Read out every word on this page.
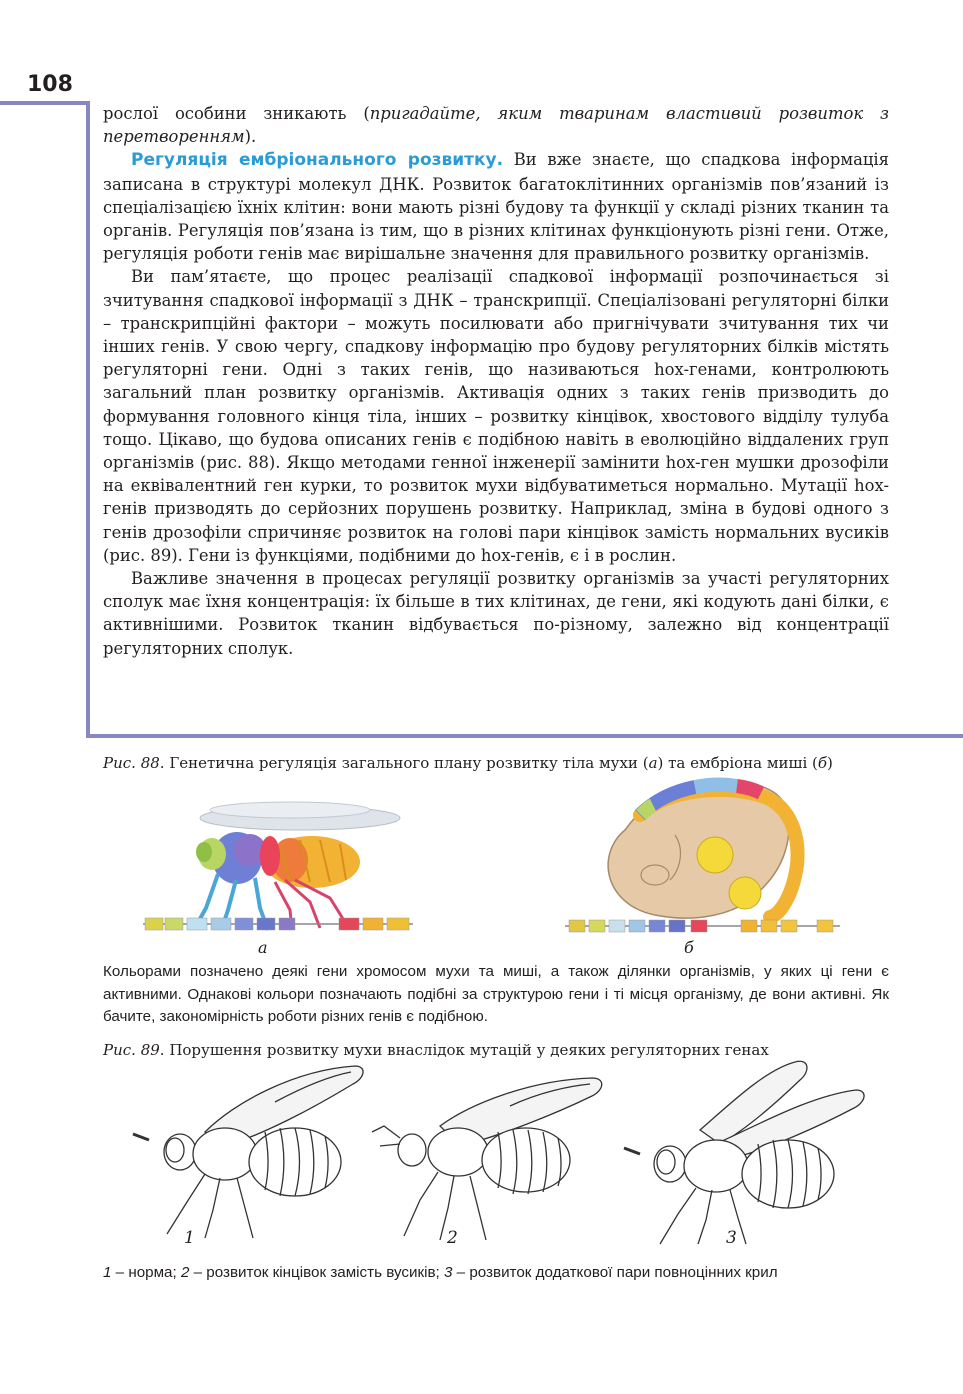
108

рослої особини зникають (пригадайте, яким тваринам властивий розвиток з перетворенням).

Регуляція ембріонального розвитку. Ви вже знаєте, що спадкова інформація записана в структурі молекул ДНК. Розвиток багатоклітинних організмів пов’язаний із спеціалізацією їхніх клітин: вони мають різні будову та функції у складі різних тканин та органів. Регуляція пов’язана із тим, що в різних клітинах функціонують різні гени. Отже, регуляція роботи генів має вирішальне значення для правильного розвитку організмів.

Ви пам’ятаєте, що процес реалізації спадкової інформації розпочинається зі зчитування спадкової інформації з ДНК – транскрипції. Спеціалізовані регуляторні білки – транскрипційні фактори – можуть посилювати або пригнічувати зчитування тих чи інших генів. У свою чергу, спадкову інформацію про будову регуляторних білків містять регуляторні гени. Одні з таких генів, що називаються hox-генами, контролюють загальний план розвитку організмів. Активація одних з таких генів призводить до формування головного кінця тіла, інших – розвитку кінцівок, хвостового відділу тулуба тощо. Цікаво, що будова описаних генів є подібною навіть в еволюційно віддалених груп організмів (рис. 88). Якщо методами генної інженерії замінити hox-ген мушки дрозофіли на еквівалентний ген курки, то розвиток мухи відбуватиметься нормально. Мутації hox-генів призводять до серйозних порушень розвитку. Наприклад, зміна в будові одного з генів дрозофіли спричиняє розвиток на голові пари кінцівок замість нормальних вусиків (рис. 89). Гени із функціями, подібними до hox-генів, є і в рослин.

Важливе значення в процесах регуляції розвитку організмів за участі регуляторних сполук має їхня концентрація: їх більше в тих клітинах, де гени, які кодують дані білки, є активнішими. Розвиток тканин відбувається по-різному, залежно від концентрації регуляторних сполук.

Рис. 88. Генетична регуляція загального плану розвитку тіла мухи (а) та ембріона миші (б)
а	б
Кольорами позначено деякі гени хромосом мухи та миші, а також ділянки організмів, у яких ці гени є активними. Однакові кольори позначають подібні за структурою гени і ті місця організму, де вони активні. Як бачите, закономірність роботи різних генів є подібною.
Рис. 89. Порушення розвитку мухи внаслідок мутацій у деяких регуляторних генах
1	2	3
1 – норма; 2 – розвиток кінцівок замість вусиків; 3 – розвиток додаткової пари повноцінних крил
